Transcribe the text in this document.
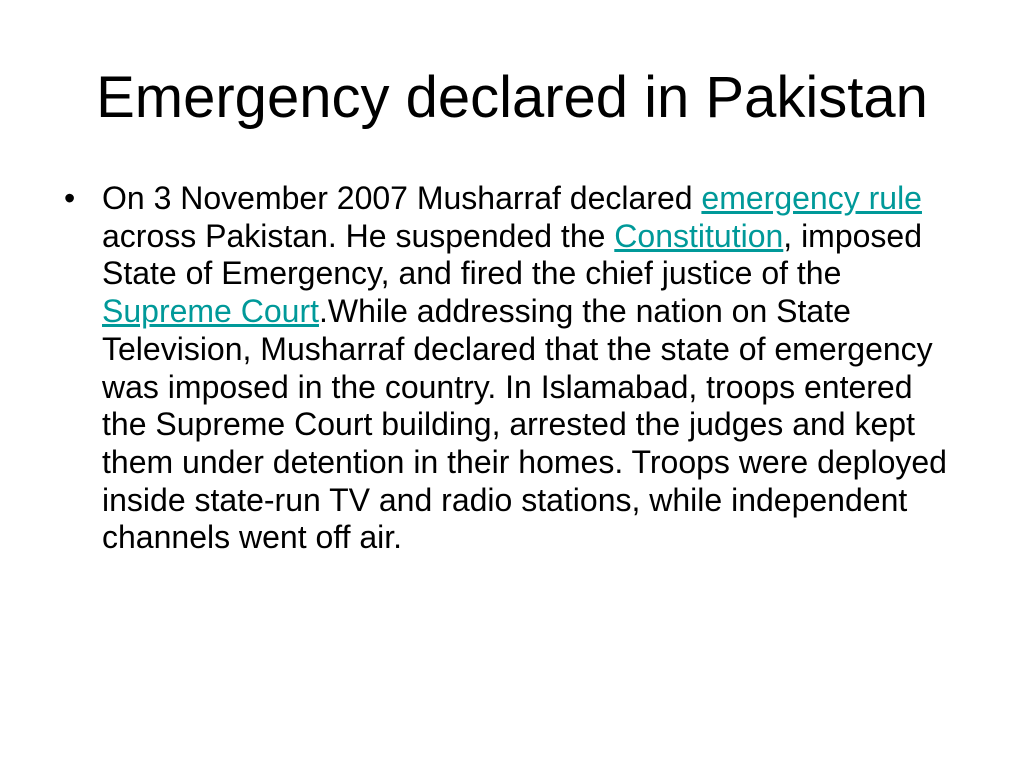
Emergency declared in Pakistan
• On 3 November 2007 Musharraf declared emergency rule across Pakistan. He suspended the Constitution, imposed State of Emergency, and fired the chief justice of the Supreme Court.While addressing the nation on State Television, Musharraf declared that the state of emergency was imposed in the country. In Islamabad, troops entered the Supreme Court building, arrested the judges and kept them under detention in their homes. Troops were deployed inside state-run TV and radio stations, while independent channels went off air.
